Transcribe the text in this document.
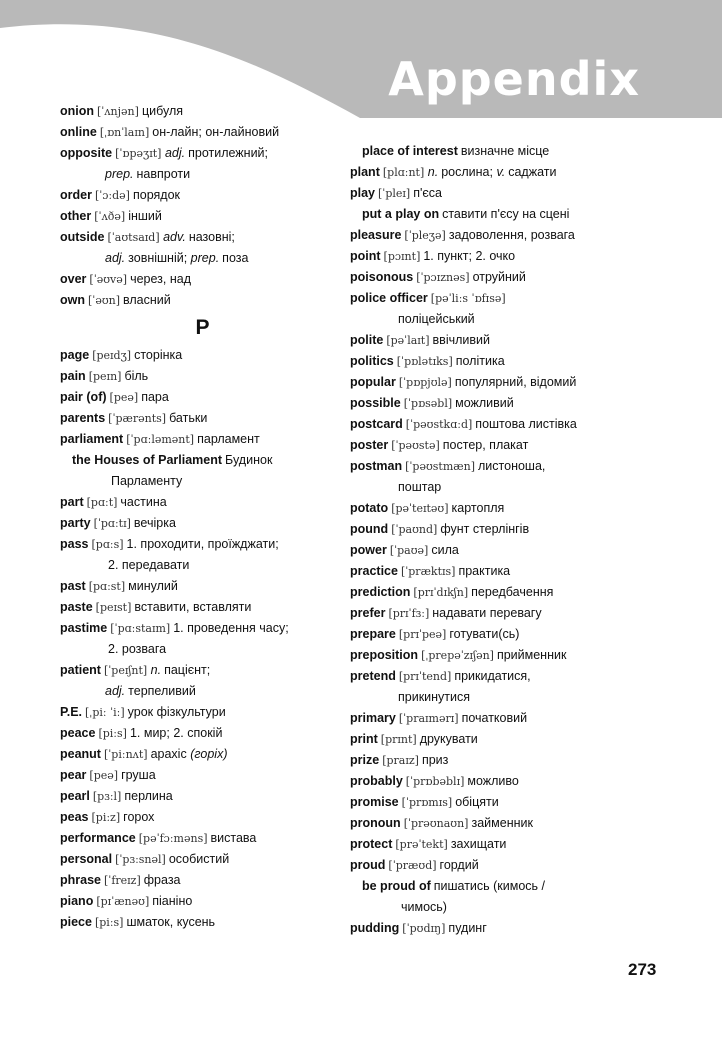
Appendix
onion [ˈʌnjən] цибуля
online [ˌɒnˈlaɪn] он-лайн; он-лайновий
opposite [ˈɒpəʒɪt] adj. протилежний;
prep. навпроти
order [ˈɔːdə] порядок
other [ˈʌðə] інший
outside [ˈaʊtsaɪd] adv. назовні;
adj. зовнішній; prep. поза
over [ˈəʊvə] через, над
own [ˈəʊn] власний
P
page [peɪdʒ] сторінка
pain [peɪn] біль
pair (of) [peə] пара
parents [ˈpærənts] батьки
parliament [ˈpɑːləmənt] парламент
the Houses of Parliament Будинок
Парламенту
part [pɑːt] частина
party [ˈpɑːtɪ] вечірка
pass [pɑːs] 1. проходити, проїжджати;
2. передавати
past [pɑːst] минулий
paste [peɪst] вставити, вставляти
pastime [ˈpɑːstaɪm] 1. проведення часу;
2. розвага
patient [ˈpeɪʃnt] n. пацієнт;
adj. терпеливий
P.E. [ˌpiː ˈiː] урок фізкультури
peace [piːs] 1. мир; 2. спокій
peanut [ˈpiːnʌt] арахіс (горіх)
pear [peə] груша
pearl [pɜːl] перлина
peas [piːz] горох
performance [pəˈfɔːməns] вистава
personal [ˈpɜːsnəl] особистий
phrase [ˈfreɪz] фраза
piano [pɪˈænəʊ] піаніно
piece [piːs] шматок, кусень
place of interest визначне місце
plant [plɑːnt] n. рослина; v. саджати
play [ˈpleɪ] п'єса
put a play on ставити п'єсу на сцені
pleasure [ˈpleʒə] задоволення, розвага
point [pɔɪnt] 1. пункт; 2. очко
poisonous [ˈpɔɪznəs] отруйний
police officer [pəˈliːs ˈɒfɪsə]
поліцейський
polite [pəˈlaɪt] ввічливий
politics [ˈpɒlətɪks] політика
popular [ˈpɒpjʊlə] популярний, відомий
possible [ˈpɒsəbl] можливий
postcard [ˈpəʊstkɑːd] поштова листівка
poster [ˈpəʊstə] постер, плакат
postman [ˈpəʊstmæn] листоноша,
поштар
potato [pəˈteɪtəʊ] картопля
pound [ˈpaʊnd] фунт стерлінгів
power [ˈpaʊə] сила
practice [ˈpræktɪs] практика
prediction [prɪˈdɪkʃn] передбачення
prefer [prɪˈfɜː] надавати перевагу
prepare [prɪˈpeə] готувати(сь)
preposition [ˌprepəˈzɪʃən] прийменник
pretend [prɪˈtend] прикидатися,
прикинутися
primary [ˈpraɪmərɪ] початковий
print [prɪnt] друкувати
prize [praɪz] приз
probably [ˈprɒbəblɪ] можливо
promise [ˈprɒmɪs] обіцяти
pronoun [ˈprəʊnaʊn] займенник
protect [prəˈtekt] захищати
proud [ˈpræʊd] гордий
be proud of пишатись (кимось /
чимось)
pudding [ˈpʊdɪŋ] пудинг
273
